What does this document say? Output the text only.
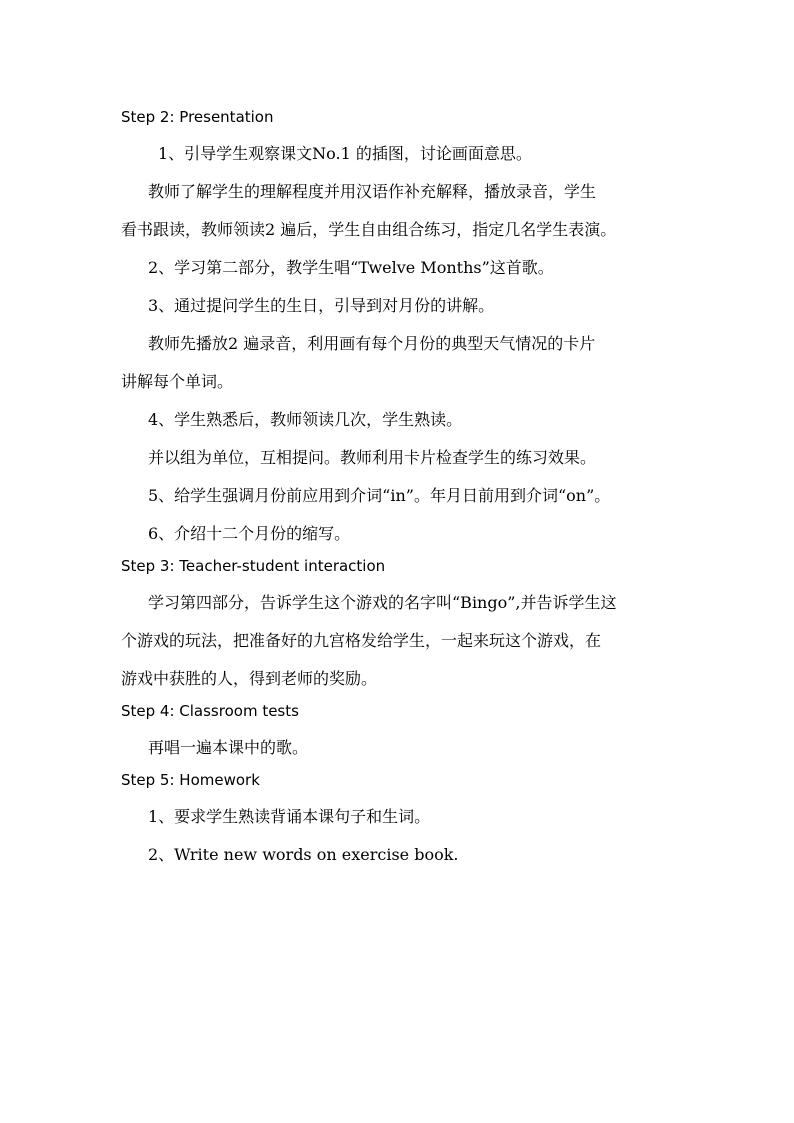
Step 2: Presentation

1、引导学生观察课文No.1 的插图，讨论画面意思。

教师了解学生的理解程度并用汉语作补充解释，播放录音，学生

看书跟读，教师领读2 遍后，学生自由组合练习，指定几名学生表演。

2、学习第二部分，教学生唱“Twelve Months”这首歌。

3、通过提问学生的生日，引导到对月份的讲解。

教师先播放2 遍录音，利用画有每个月份的典型天气情况的卡片

讲解每个单词。

4、学生熟悉后，教师领读几次，学生熟读。

并以组为单位，互相提问。教师利用卡片检查学生的练习效果。

5、给学生强调月份前应用到介词“in”。年月日前用到介词“on”。

6、介绍十二个月份的缩写。

Step 3: Teacher-student interaction

学习第四部分，告诉学生这个游戏的名字叫“Bingo”,并告诉学生这

个游戏的玩法，把准备好的九宫格发给学生，一起来玩这个游戏，在

游戏中获胜的人，得到老师的奖励。

Step 4: Classroom tests

再唱一遍本课中的歌。

Step 5: Homework

1、要求学生熟读背诵本课句子和生词。

2、Write new words on exercise book.
